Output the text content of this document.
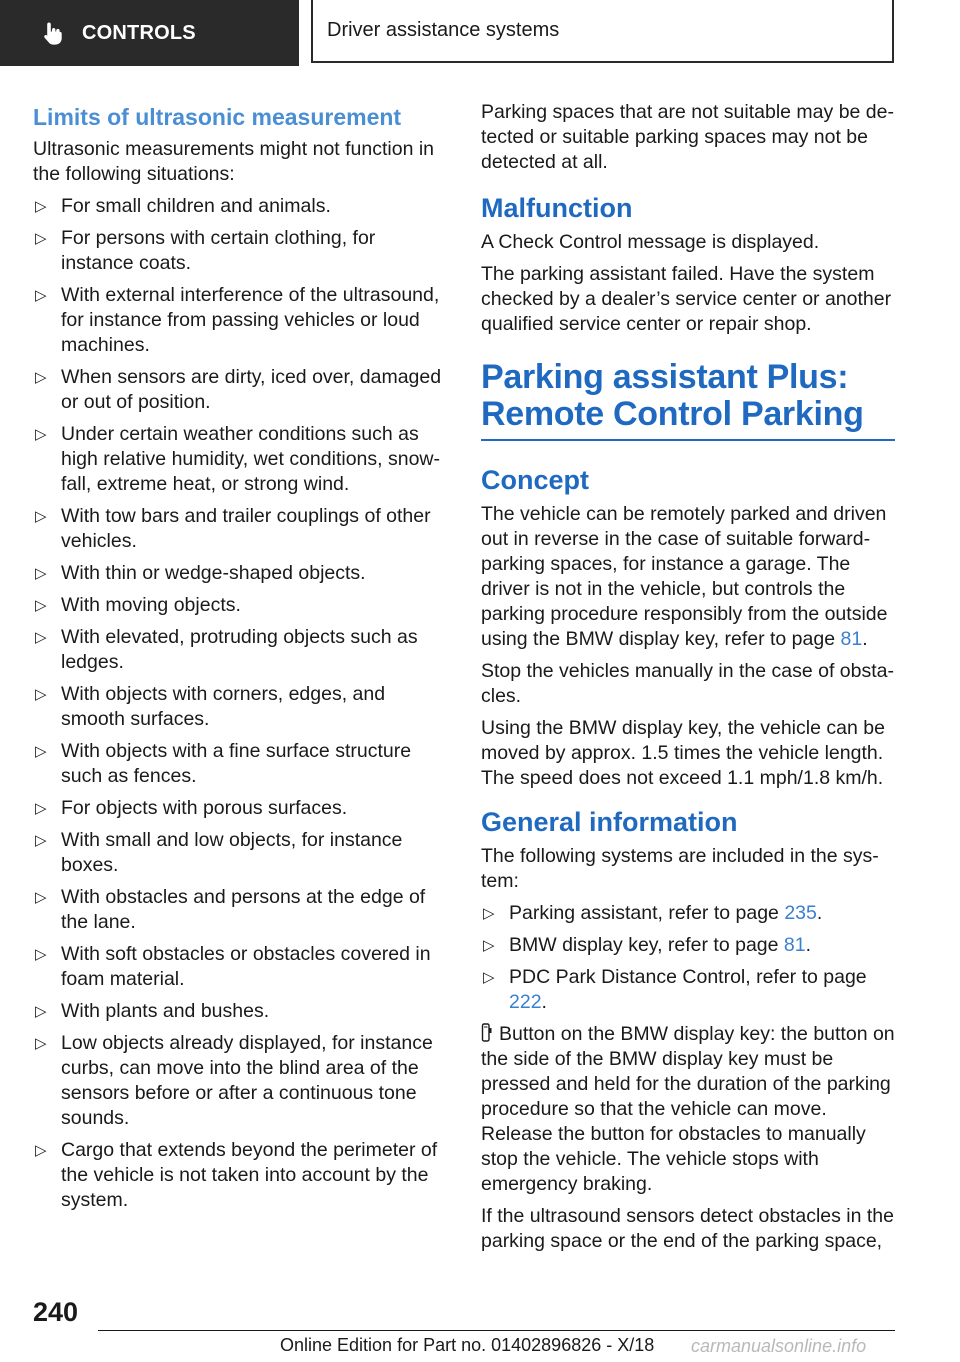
CONTROLS	Driver assistance systems
Limits of ultrasonic measurement

Ultrasonic measurements might not function in the following situations:

▷ For small children and animals.
▷ For persons with certain clothing, for instance coats.
▷ With external interference of the ultrasound, for instance from passing vehicles or loud machines.
▷ When sensors are dirty, iced over, damaged or out of position.
▷ Under certain weather conditions such as high relative humidity, wet conditions, snowfall, extreme heat, or strong wind.
▷ With tow bars and trailer couplings of other vehicles.
▷ With thin or wedge-shaped objects.
▷ With moving objects.
▷ With elevated, protruding objects such as ledges.
▷ With objects with corners, edges, and smooth surfaces.
▷ With objects with a fine surface structure such as fences.
▷ For objects with porous surfaces.
▷ With small and low objects, for instance boxes.
▷ With obstacles and persons at the edge of the lane.
▷ With soft obstacles or obstacles covered in foam material.
▷ With plants and bushes.
▷ Low objects already displayed, for instance curbs, can move into the blind area of the sensors before or after a continuous tone sounds.
▷ Cargo that extends beyond the perimeter of the vehicle is not taken into account by the system.

Parking spaces that are not suitable may be detected or suitable parking spaces may not be detected at all.

Malfunction

A Check Control message is displayed.

The parking assistant failed. Have the system checked by a dealer’s service center or another qualified service center or repair shop.

Parking assistant Plus:
Remote Control Parking
Concept

The vehicle can be remotely parked and driven out in reverse in the case of suitable forward-parking spaces, for instance a garage. The driver is not in the vehicle, but controls the parking procedure responsibly from the outside using the BMW display key, refer to page 81.

Stop the vehicles manually in the case of obstacles.

Using the BMW display key, the vehicle can be moved by approx. 1.5 times the vehicle length. The speed does not exceed 1.1 mph/1.8 km/h.

General information

The following systems are included in the system:

▷ Parking assistant, refer to page 235.
▷ BMW display key, refer to page 81.
▷ PDC Park Distance Control, refer to page 222.

Button on the BMW display key: the button on the side of the BMW display key must be pressed and held for the duration of the parking procedure so that the vehicle can move. Release the button for obstacles to manually stop the vehicle. The vehicle stops with emergency braking.

If the ultrasound sensors detect obstacles in the parking space or the end of the parking space,

240
Online Edition for Part no. 01402896826 - X/18 carmanualsonline.info
